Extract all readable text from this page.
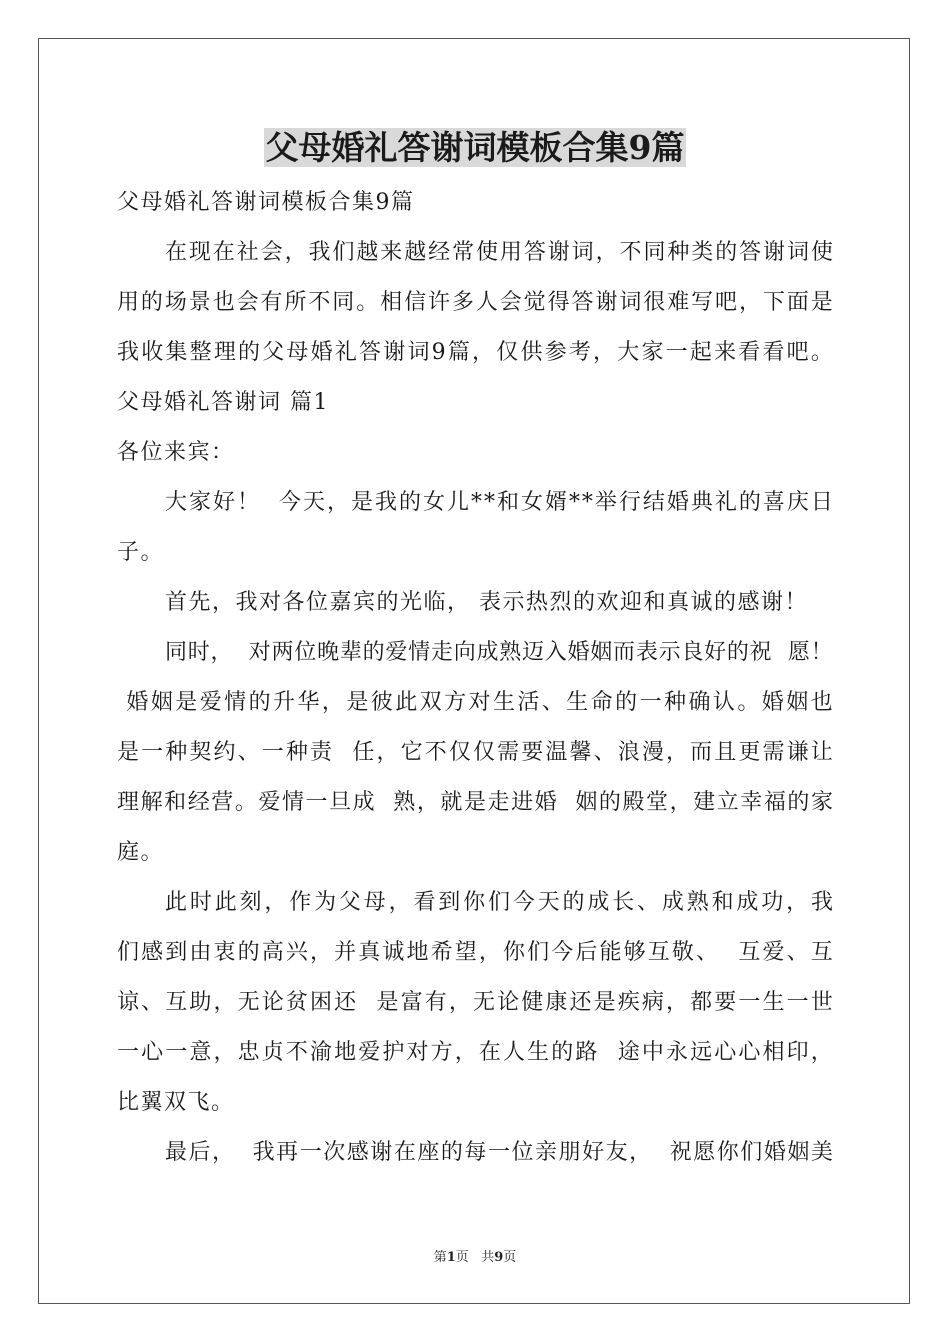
父母婚礼答谢词模板合集9篇
父母婚礼答谢词模板合集9篇
在 现 在 社 会 ， 我 们 越 来 越 经 常 使 用 答 谢 词 ， 不 同 种 类 的 答 谢 词 使
用 的 场 景 也 会 有 所 不 同 。 相 信 许 多 人 会 觉 得 答 谢 词 很 难 写 吧 ， 下 面 是
我 收 集 整 理 的 父 母 婚 礼 答 谢 词 9 篇 ， 仅 供 参 考 ， 大 家 一 起 来 看 看 吧 。
父母婚礼答谢词 篇1
各位来宾：
大 家 好 ！

今 天 ， 是 我 的 女 儿 * * 和 女 婿 * * 举 行 结 婚 典 礼 的 喜 庆 日
子。
首先，我对各位嘉宾的光临， 表示热烈的欢迎和真诚的感谢！
同 时 ，

对 两 位 晚 辈 的 爱 情 走 向 成 熟 迈 入 婚 姻 而 表 示 良 好 的 祝

愿 ！

婚 姻 是 爱 情 的 升 华 ， 是 彼 此 双 方 对 生 活 、 生 命 的 一 种 确 认 。 婚 姻 也
是 一 种 契 约 、 一 种 责

任 ， 它 不 仅 仅 需 要 温 馨 、 浪 漫 ， 而 且 更 需 谦 让
理 解 和 经 营 。 爱 情 一 旦 成

熟 ， 就 是 走 进 婚

姻 的 殿 堂 ， 建 立 幸 福 的 家
庭。
此 时 此 刻 ， 作 为 父 母 ， 看 到 你 们 今 天 的 成 长 、 成 熟 和 成 功 ， 我
们 感 到 由 衷 的 高 兴 ， 并 真 诚 地 希 望 ， 你 们 今 后 能 够 互 敬 、

互 爱 、 互
谅 、 互 助 ， 无 论 贫 困 还

是 富 有 ， 无 论 健 康 还 是 疾 病 ， 都 要 一 生 一 世
一 心 一 意 ， 忠 贞 不 渝 地 爱 护 对 方 ， 在 人 生 的 路

途 中 永 远 心 心 相 印 ，
比翼双飞。
最 后 ，

我 再 一 次 感 谢 在 座 的 每 一 位 亲 朋 好 友 ，

祝 愿 你 们 婚 姻 美
第1页   共9页
